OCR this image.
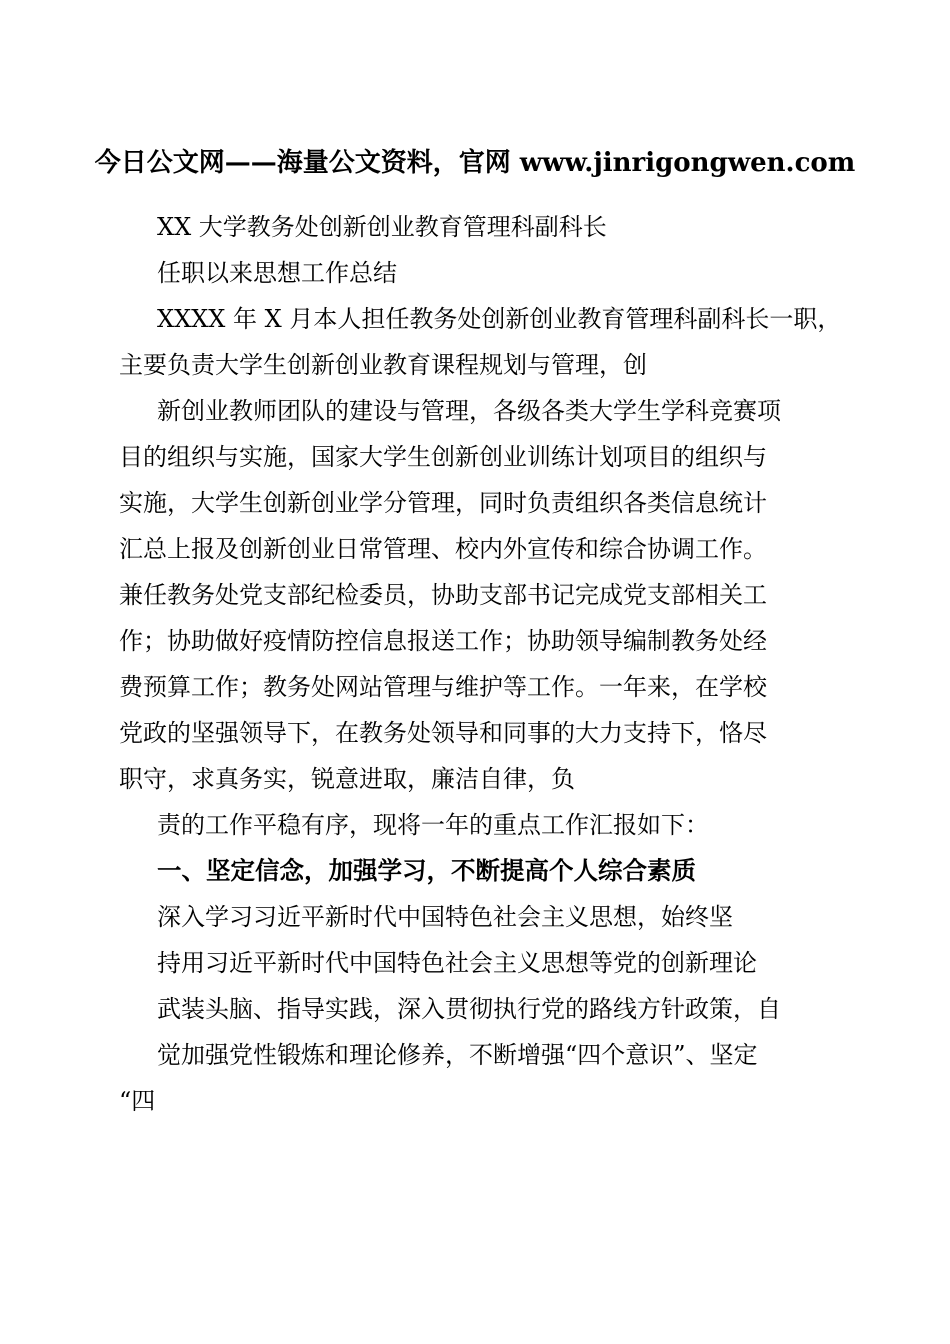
今日公文网——海量公文资料，官网 www.jinrigongwen.com
XX 大学教务处创新创业教育管理科副科长
任职以来思想工作总结
XXXX 年 X 月本人担任教务处创新创业教育管理科副科长一职，
主要负责大学生创新创业教育课程规划与管理，创
新创业教师团队的建设与管理，各级各类大学生学科竞赛项
目的组织与实施，国家大学生创新创业训练计划项目的组织与
实施，大学生创新创业学分管理，同时负责组织各类信息统计
汇总上报及创新创业日常管理、校内外宣传和综合协调工作。
兼任教务处党支部纪检委员，协助支部书记完成党支部相关工
作；协助做好疫情防控信息报送工作；协助领导编制教务处经
费预算工作；教务处网站管理与维护等工作。一年来，在学校
党政的坚强领导下，在教务处领导和同事的大力支持下，恪尽
职守，求真务实，锐意进取，廉洁自律，负
责的工作平稳有序，现将一年的重点工作汇报如下：
一、坚定信念，加强学习，不断提高个人综合素质
深入学习习近平新时代中国特色社会主义思想，始终坚
持用习近平新时代中国特色社会主义思想等党的创新理论
武装头脑、指导实践，深入贯彻执行党的路线方针政策，自
觉加强党性锻炼和理论修养，不断增强“四个意识”、坚定
“四
